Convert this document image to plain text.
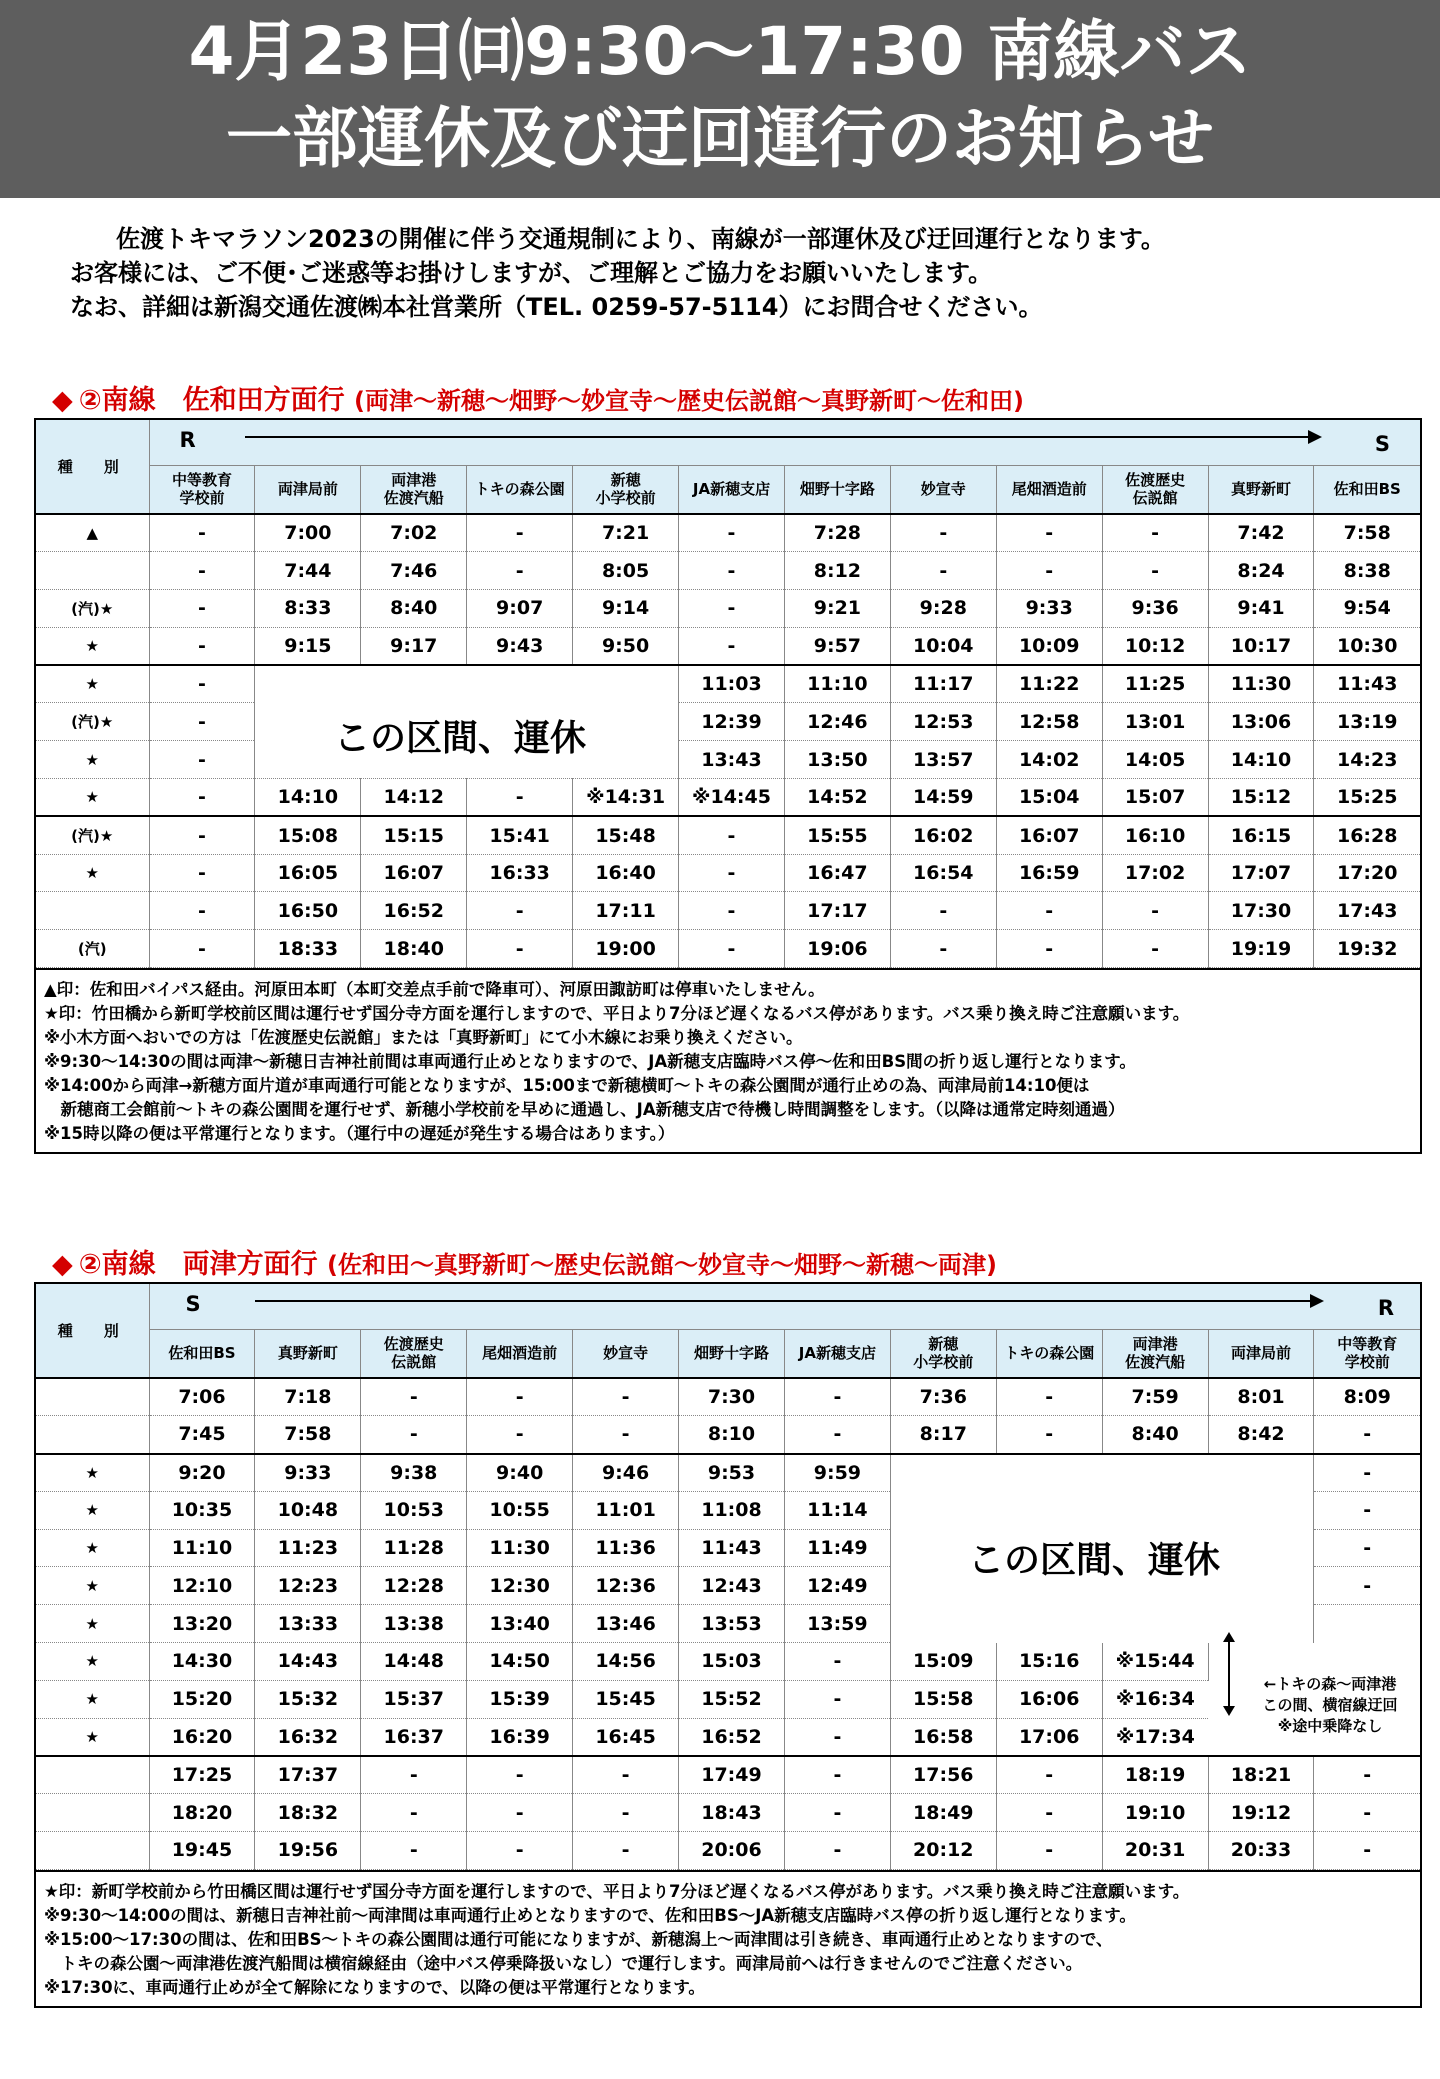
4月23日㈰9:30～17:30 南線バス
一部運休及び迂回運行のお知らせ
佐渡トキマラソン2023の開催に伴う交通規制により、南線が一部運休及び迂回運行となります。
お客様には、ご不便･ご迷惑等お掛けしますが、ご理解とご協力をお願いいたします。
なお、詳細は新潟交通佐渡㈱本社営業所（TEL. 0259-57-5114）にお問合せください。
◆ ②南線　佐和田方面行 (両津～新穂～畑野～妙宣寺～歴史伝説館～真野新町～佐和田)
種　別	R S											

	中等教育
学校前	両津局前	両津港
佐渡汽船	トキの森公園	新穂
小学校前	JA新穂支店	畑野十字路	妙宣寺	尾畑酒造前	佐渡歴史
伝説館	真野新町	佐和田BS
▲	-	7:00	7:02	-	7:21	-	7:28	-	-	-	7:42	7:58
	-	7:44	7:46	-	8:05	-	8:12	-	-	-	8:24	8:38
(汽)★	-	8:33	8:40	9:07	9:14	-	9:21	9:28	9:33	9:36	9:41	9:54
★	-	9:15	9:17	9:43	9:50	-	9:57	10:04	10:09	10:12	10:17	10:30
★	-					11:03	11:10	11:17	11:22	11:25	11:30	11:43
(汽)★	-					12:39	12:46	12:53	12:58	13:01	13:06	13:19
★	-					13:43	13:50	13:57	14:02	14:05	14:10	14:23
★	-	14:10	14:12	-	※14:31	※14:45	14:52	14:59	15:04	15:07	15:12	15:25
(汽)★	-	15:08	15:15	15:41	15:48	-	15:55	16:02	16:07	16:10	16:15	16:28
★	-	16:05	16:07	16:33	16:40	-	16:47	16:54	16:59	17:02	17:07	17:20
	-	16:50	16:52	-	17:11	-	17:17	-	-	-	17:30	17:43
(汽)	-	18:33	18:40	-	19:00	-	19:06	-	-	-	19:19	19:32
この区間、運休
▲印：佐和田バイパス経由。河原田本町（本町交差点手前で降車可）、河原田諏訪町は停車いたしません。
★印：竹田橋から新町学校前区間は運行せず国分寺方面を運行しますので、平日より7分ほど遅くなるバス停があります。バス乗り換え時ご注意願います。
※小木方面へおいでの方は「佐渡歴史伝説館」または「真野新町」にて小木線にお乗り換えください。
※9:30～14:30の間は両津～新穂日吉神社前間は車両通行止めとなりますので、JA新穂支店臨時バス停～佐和田BS間の折り返し運行となります。
※14:00から両津→新穂方面片道が車両通行可能となりますが、15:00まで新穂横町～トキの森公園間が通行止めの為、両津局前14:10便は
　新穂商工会館前～トキの森公園間を運行せず、新穂小学校前を早めに通過し、JA新穂支店で待機し時間調整をします。（以降は通常定時刻通過）
※15時以降の便は平常運行となります。（運行中の遅延が発生する場合はあります。）
◆ ②南線　両津方面行 (佐和田～真野新町～歴史伝説館～妙宣寺～畑野～新穂～両津)
種　別	S R											

	佐和田BS	真野新町	佐渡歴史
伝説館	尾畑酒造前	妙宣寺	畑野十字路	JA新穂支店	新穂
小学校前	トキの森公園	両津港
佐渡汽船	両津局前	中等教育
学校前
	7:06	7:18	-	-	-	7:30	-	7:36	-	7:59	8:01	8:09
	7:45	7:58	-	-	-	8:10	-	8:17	-	8:40	8:42	-
★	9:20	9:33	9:38	9:40	9:46	9:53	9:59					-
★	10:35	10:48	10:53	10:55	11:01	11:08	11:14					-
★	11:10	11:23	11:28	11:30	11:36	11:43	11:49					-
★	12:10	12:23	12:28	12:30	12:36	12:43	12:49					-
★	13:20	13:33	13:38	13:40	13:46	13:53	13:59					
★	14:30	14:43	14:48	14:50	14:56	15:03	-	15:09	15:16	※15:44		
★	15:20	15:32	15:37	15:39	15:45	15:52	-	15:58	16:06	※16:34		
★	16:20	16:32	16:37	16:39	16:45	16:52	-	16:58	17:06	※17:34		
	17:25	17:37	-	-	-	17:49	-	17:56	-	18:19	18:21	-
	18:20	18:32	-	-	-	18:43	-	18:49	-	19:10	19:12	-
	19:45	19:56	-	-	-	20:06	-	20:12	-	20:31	20:33	-
この区間、運休
←トキの森～両津港
この間、横宿線迂回
※途中乗降なし
★印：新町学校前から竹田橋区間は運行せず国分寺方面を運行しますので、平日より7分ほど遅くなるバス停があります。バス乗り換え時ご注意願います。
※9:30～14:00の間は、新穂日吉神社前～両津間は車両通行止めとなりますので、佐和田BS～JA新穂支店臨時バス停の折り返し運行となります。
※15:00～17:30の間は、佐和田BS～トキの森公園間は通行可能になりますが、新穂潟上～両津間は引き続き、車両通行止めとなりますので、
　トキの森公園～両津港佐渡汽船間は横宿線経由（途中バス停乗降扱いなし）で運行します。両津局前へは行きませんのでご注意ください。
※17:30に、車両通行止めが全て解除になりますので、以降の便は平常運行となります。
